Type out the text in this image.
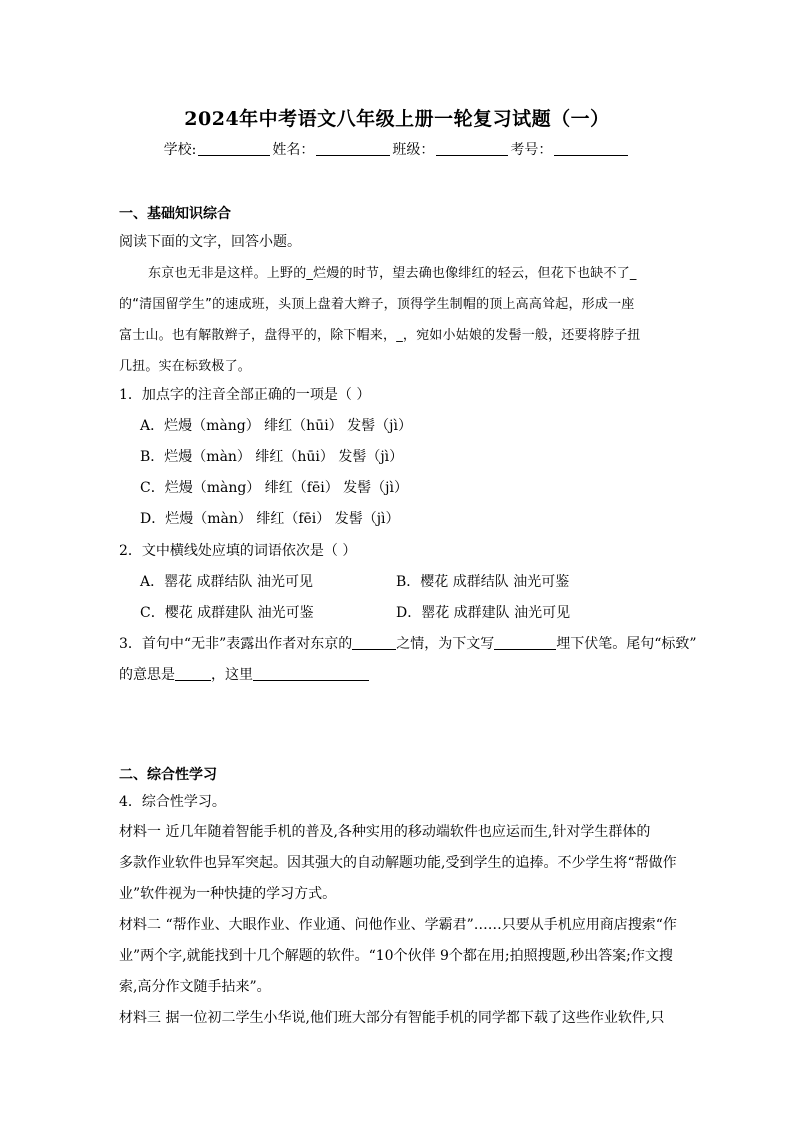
2024年中考语文八年级上册一轮复习试题（一）
学校:	姓名：	班级：	考号：
一、基础知识综合
阅读下面的文字，回答小题。
东京也无非是这样。上野的_烂熳的时节，望去确也像绯红的轻云，但花下也缺不了_
的“清国留学生”的速成班，头顶上盘着大辫子，顶得学生制帽的顶上高高耸起，形成一座
富士山。也有解散辫子，盘得平的，除下帽来，_，宛如小姑娘的发髻一般，还要将脖子扭
几扭。实在标致极了。
1．加点字的注音全部正确的一项是（ ）
A．烂熳（màng） 绯红（hūi） 发髻（jì）
B．烂熳（màn） 绯红（hūi） 发髻（jì）
C．烂熳（màng） 绯红（fēi） 发髻（jì）
D．烂熳（màn） 绯红（fēi） 发髻（jì）
2．文中横线处应填的词语依次是（ ）
A．罂花 成群结队 油光可见	B．樱花 成群结队 油光可鉴
C．樱花 成群建队 油光可鉴	D．罂花 成群建队 油光可见
3．首句中“无非”表露出作者对东京的	之情，为下文写	埋下伏笔。尾句“标致”
的意思是	，这里
二、综合性学习
4．综合性学习。
材料一 近几年随着智能手机的普及,各种实用的移动端软件也应运而生,针对学生群体的
多款作业软件也异军突起。因其强大的自动解题功能,受到学生的追捧。不少学生将“帮做作
业”软件视为一种快捷的学习方式。
材料二 “帮作业、大眼作业、作业通、问他作业、学霸君”……只要从手机应用商店搜索“作
业”两个字,就能找到十几个解题的软件。“10个伙伴 9个都在用;拍照搜题,秒出答案;作文搜
索,高分作文随手拈来”。
材料三 据一位初二学生小华说,他们班大部分有智能手机的同学都下载了这些作业软件,只
